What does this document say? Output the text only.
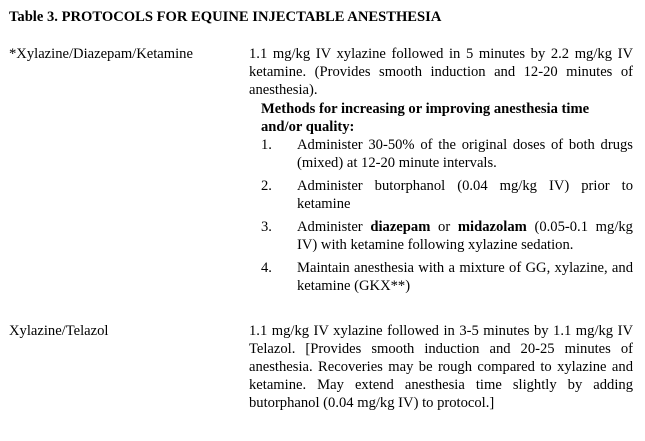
Table 3. PROTOCOLS FOR EQUINE INJECTABLE ANESTHESIA
*Xylazine/Diazepam/Ketamine	1.1 mg/kg IV xylazine followed in 5 minutes by 2.2 mg/kg IV ketamine. (Provides smooth induction and 12-20 minutes of anesthesia).

Methods for increasing or improving anesthesia time and/or quality:

1. Administer 30-50% of the original doses of both drugs (mixed) at 12-20 minute intervals.
2. Administer butorphanol (0.04 mg/kg IV) prior to ketamine
3. Administer diazepam or midazolam (0.05-0.1 mg/kg IV) with ketamine following xylazine sedation.
4. Maintain anesthesia with a mixture of GG, xylazine, and ketamine (GKX**)
Xylazine/Telazol	1.1 mg/kg IV xylazine followed in 3-5 minutes by 1.1 mg/kg IV Telazol. [Provides smooth induction and 20-25 minutes of anesthesia. Recoveries may be rough compared to xylazine and ketamine. May extend anesthesia time slightly by adding butorphanol (0.04 mg/kg IV) to protocol.]
